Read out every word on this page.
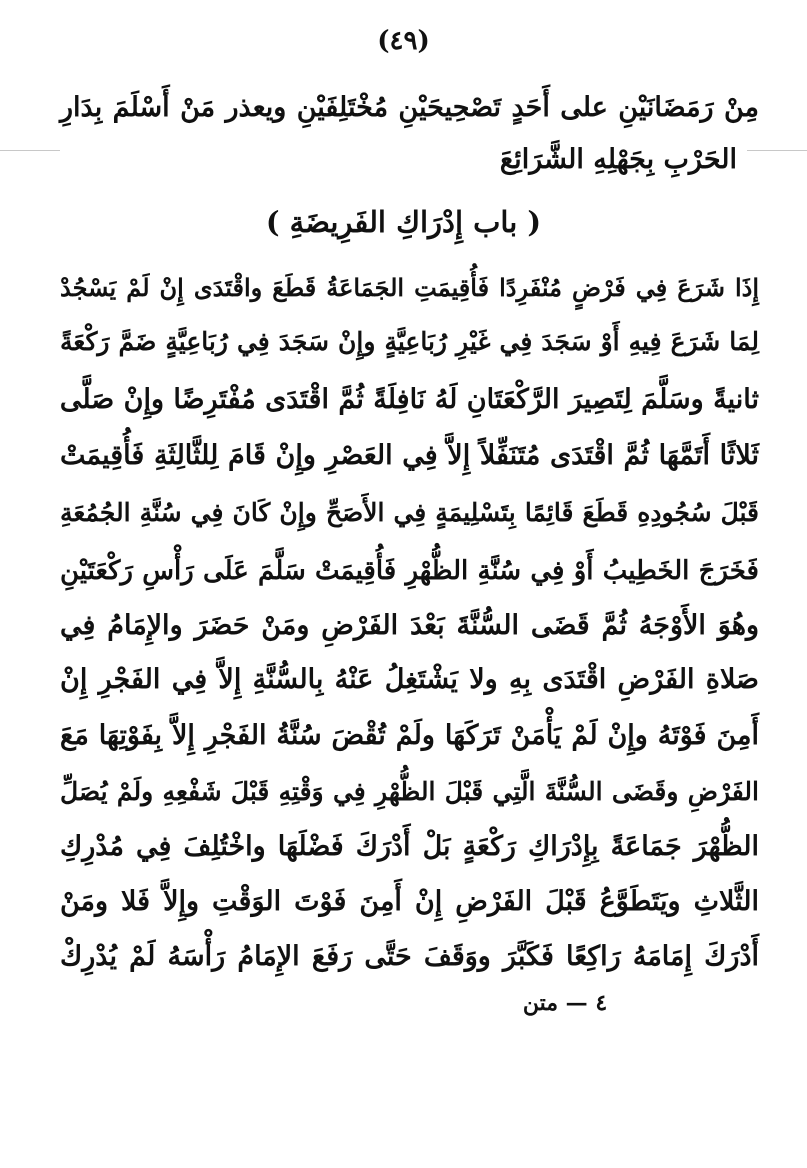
(٤٩)
مِنْ رَمَضَانَيْنِ على أَحَدٍ تَصْحِيحَيْنِ مُخْتَلِفَيْنِ ويعذر مَنْ أَسْلَمَ بِدَارِ
الحَرْبِ بِجَهْلِهِ الشَّرَائِعَ
( باب إِدْرَاكِ الفَرِيضَةِ )
إِذَا شَرَعَ فِي فَرْضٍ مُنْفَرِدًا فَأُقِيمَتِ الجَمَاعَةُ قَطَعَ واقْتَدَى إِنْ لَمْ يَسْجُدْ
لِمَا شَرَعَ فِيهِ أَوْ سَجَدَ فِي غَيْرِ رُبَاعِيَّةٍ وإِنْ سَجَدَ فِي رُبَاعِيَّةٍ ضَمَّ رَكْعَةً
ثانيةً وسَلَّمَ لِتَصِيرَ الرَّكْعَتَانِ لَهُ نَافِلَةً ثُمَّ اقْتَدَى مُفْتَرِضًا وإِنْ صَلَّى
ثَلاثًا أَتَمَّهَا ثُمَّ اقْتَدَى مُتَنَفِّلاً إِلاَّ فِي العَصْرِ وإِنْ قَامَ لِلثَّالِثَةِ فَأُقِيمَتْ
قَبْلَ سُجُودِهِ قَطَعَ قَائِمًا بِتَسْلِيمَةٍ فِي الأَصَحِّ وإِنْ كَانَ فِي سُنَّةِ الجُمُعَةِ
فَخَرَجَ الخَطِيبُ أَوْ فِي سُنَّةِ الظُّهْرِ فَأُقِيمَتْ سَلَّمَ عَلَى رَأْسِ رَكْعَتَيْنِ
وهُوَ الأَوْجَهُ ثُمَّ قَضَى السُّنَّةَ بَعْدَ الفَرْضِ ومَنْ حَضَرَ والإِمَامُ فِي
صَلاةِ الفَرْضِ اقْتَدَى بِهِ ولا يَشْتَغِلُ عَنْهُ بِالسُّنَّةِ إِلاَّ فِي الفَجْرِ إِنْ
أَمِنَ فَوْتَهُ وإِنْ لَمْ يَأْمَنْ تَرَكَهَا ولَمْ تُقْضَ سُنَّةُ الفَجْرِ إِلاَّ بِفَوْتِهَا مَعَ
الفَرْضِ وقَضَى السُّنَّةَ الَّتِي قَبْلَ الظُّهْرِ فِي وَقْتِهِ قَبْلَ شَفْعِهِ ولَمْ يُصَلِّ
الظُّهْرَ جَمَاعَةً بِإِدْرَاكِ رَكْعَةٍ بَلْ أَدْرَكَ فَضْلَهَا واخْتُلِفَ فِي مُدْرِكِ
الثَّلاثِ ويَتَطَوَّعُ قَبْلَ الفَرْضِ إِنْ أَمِنَ فَوْتَ الوَقْتِ وإِلاَّ فَلا ومَنْ
أَدْرَكَ إِمَامَهُ رَاكِعًا فَكَبَّرَ ووَقَفَ حَتَّى رَفَعَ الإِمَامُ رَأْسَهُ لَمْ يُدْرِكْ
٤ — متن
